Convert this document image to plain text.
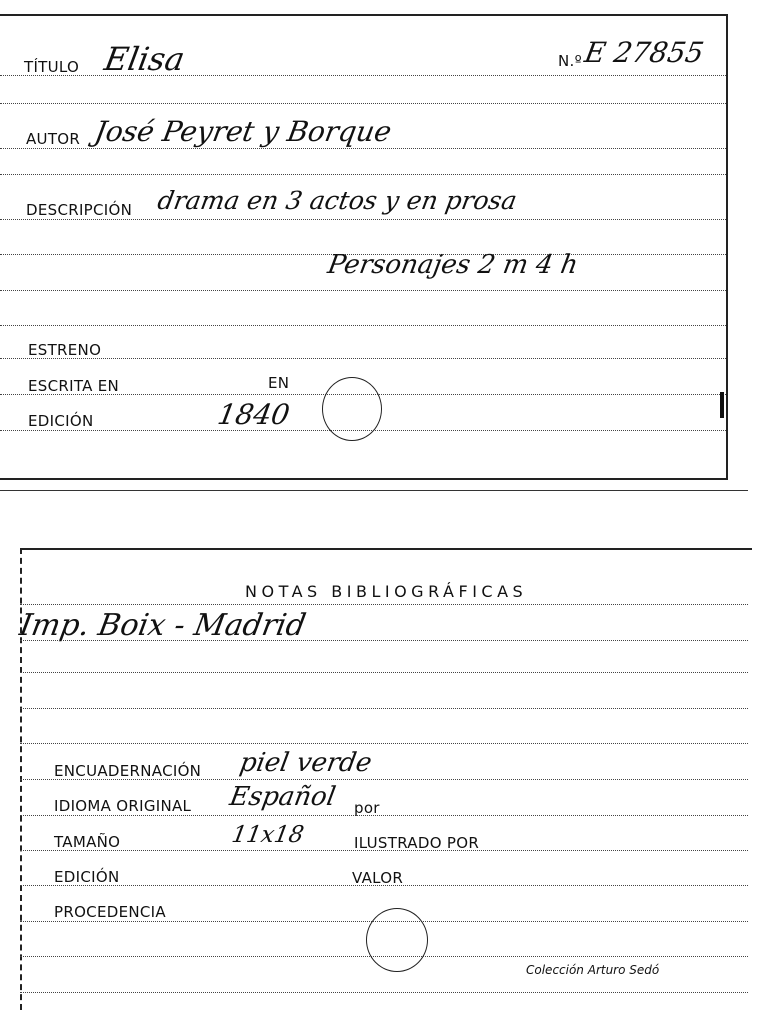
TÍTULO Elisa	N.º E 27855
AUTOR José Peyret y Borque
DESCRIPCIÓN drama en 3 actos y en prosa
Personajes 2 m 4 h
ESTRENO
ESCRITA EN	EN
EDICIÓN	1840
NOTAS BIBLIOGRÁFICAS
Imp. Boix - Madrid
ENCUADERNACIÓN piel verde
IDIOMA ORIGINAL Español por
TAMAÑO	11x18	ILUSTRADO POR
EDICIÓN	VALOR
PROCEDENCIA
Colección Arturo Sedó
